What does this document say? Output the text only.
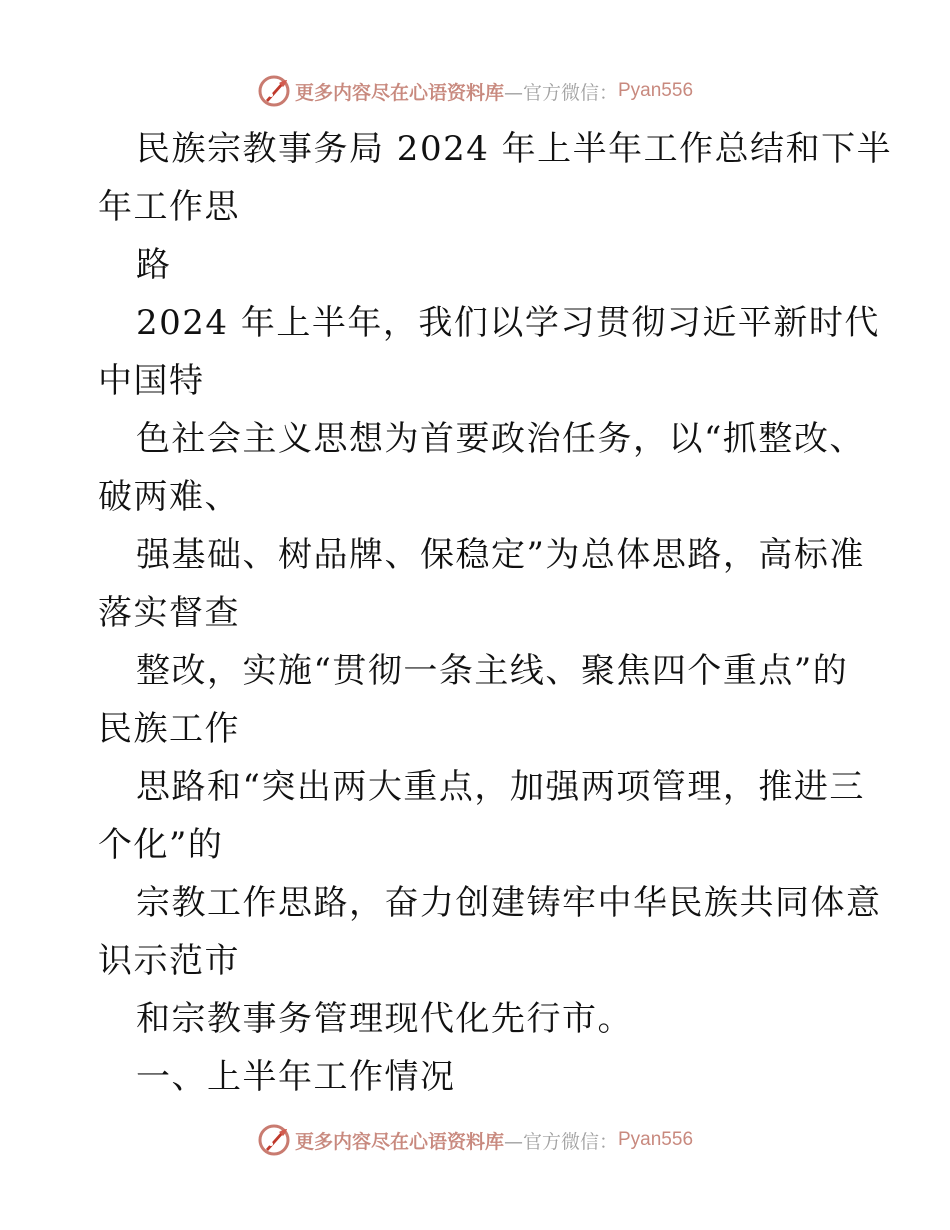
更多内容尽在心语资料库 —官方微信： Pyan556
民族宗教事务局 2024 年上半年工作总结和下半
年工作思
路
2024 年上半年，我们以学习贯彻习近平新时代
中国特
色社会主义思想为首要政治任务，以“抓整改、
破两难、
强基础、树品牌、保稳定”为总体思路，高标准
落实督查
整改，实施“贯彻一条主线、聚焦四个重点”的
民族工作
思路和“突出两大重点，加强两项管理，推进三
个化”的
宗教工作思路，奋力创建铸牢中华民族共同体意
识示范市
和宗教事务管理现代化先行市。
一、上半年工作情况
更多内容尽在心语资料库 —官方微信： Pyan556
